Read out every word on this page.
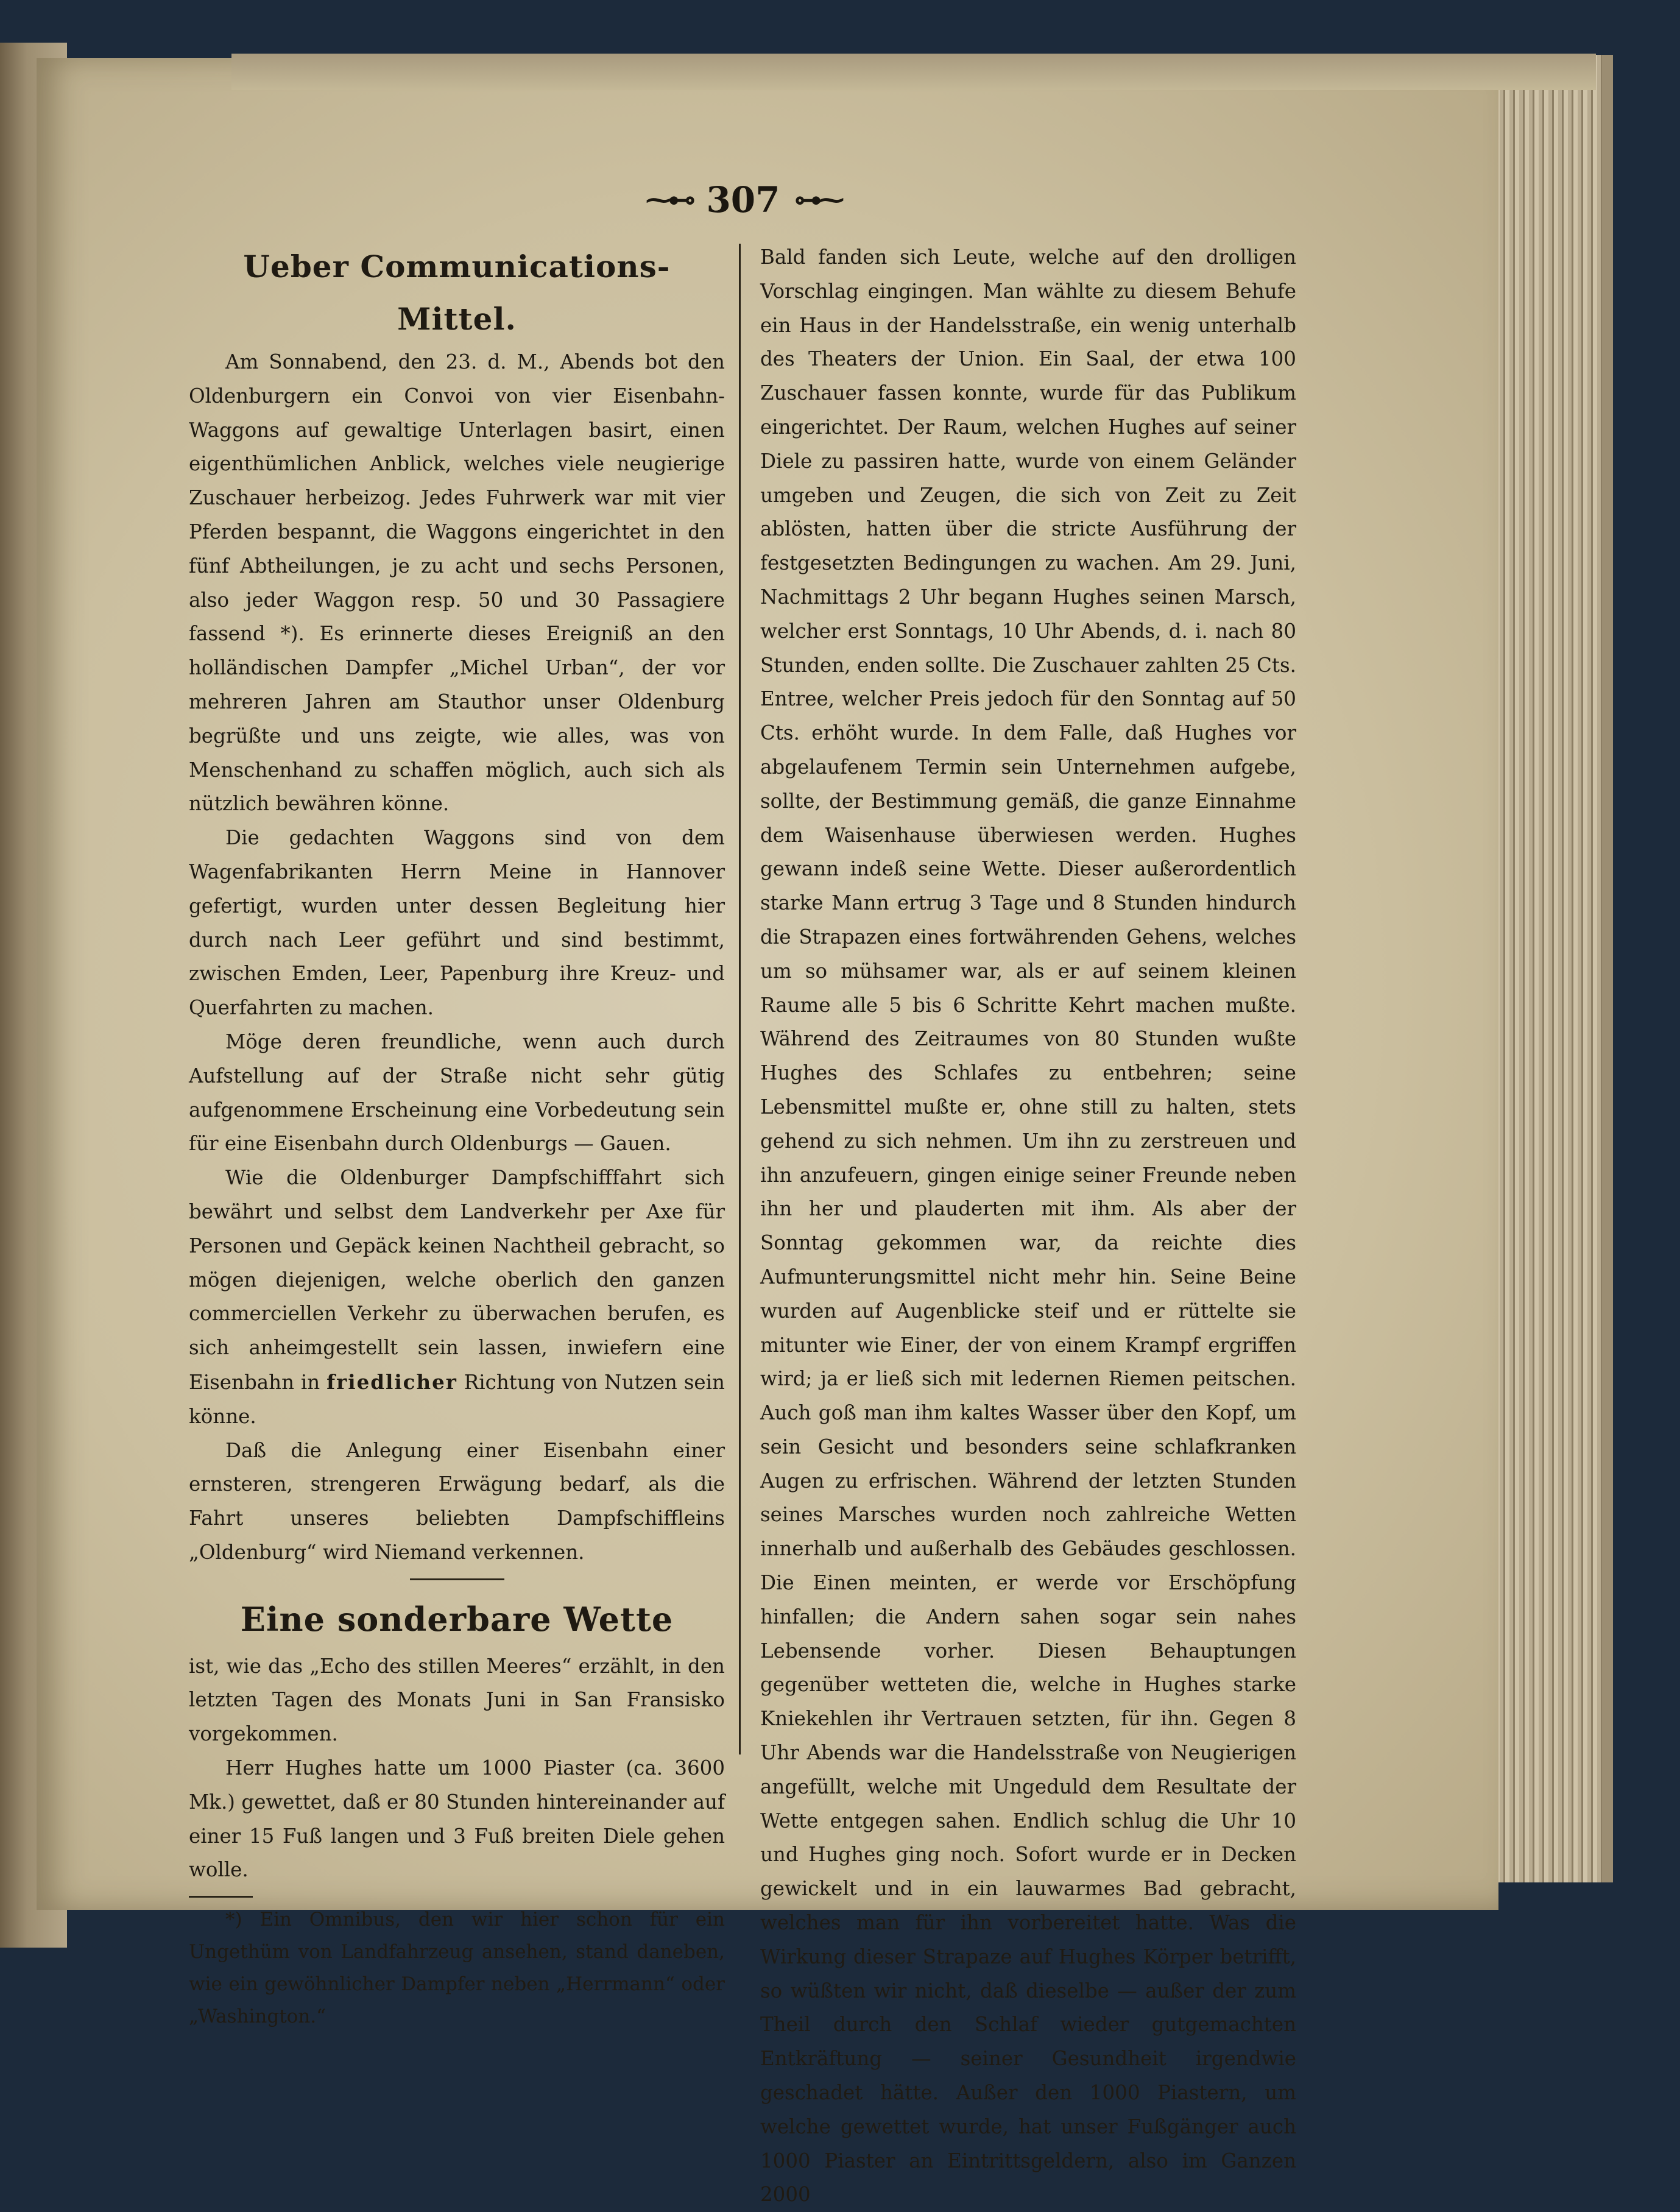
⁓⊷ 307 ⊶⁓
Ueber Communications-Mittel.

Am Sonnabend, den 23. d. M., Abends bot den Oldenburgern ein Convoi von vier Eisenbahn-Waggons auf gewaltige Unterlagen basirt, einen eigenthümlichen Anblick, welches viele neugierige Zuschauer herbeizog. Jedes Fuhrwerk war mit vier Pferden bespannt, die Waggons eingerichtet in den fünf Abtheilungen, je zu acht und sechs Personen, also jeder Waggon resp. 50 und 30 Passagiere fassend *). Es erinnerte dieses Ereigniß an den holländischen Dampfer „Michel Urban“, der vor mehreren Jahren am Stauthor unser Oldenburg begrüßte und uns zeigte, wie alles, was von Menschenhand zu schaffen möglich, auch sich als nützlich bewähren könne.

Die gedachten Waggons sind von dem Wagenfabrikanten Herrn Meine in Hannover gefertigt, wurden unter dessen Begleitung hier durch nach Leer geführt und sind bestimmt, zwischen Emden, Leer, Papenburg ihre Kreuz- und Querfahrten zu machen.

Möge deren freundliche, wenn auch durch Aufstellung auf der Straße nicht sehr gütig aufgenommene Erscheinung eine Vorbedeutung sein für eine Eisenbahn durch Oldenburgs — Gauen.

Wie die Oldenburger Dampfschifffahrt sich bewährt und selbst dem Landverkehr per Axe für Personen und Gepäck keinen Nachtheil gebracht, so mögen diejenigen, welche oberlich den ganzen commerciellen Verkehr zu überwachen berufen, es sich anheimgestellt sein lassen, inwiefern eine Eisenbahn in friedlicher Richtung von Nutzen sein könne.

Daß die Anlegung einer Eisenbahn einer ernsteren, strengeren Erwägung bedarf, als die Fahrt unseres beliebten Dampfschiffleins „Oldenburg“ wird Niemand verkennen.

Eine sonderbare Wette

ist, wie das „Echo des stillen Meeres“ erzählt, in den letzten Tagen des Monats Juni in San Fransisko vorgekommen.

Herr Hughes hatte um 1000 Piaster (ca. 3600 Mk.) gewettet, daß er 80 Stunden hintereinander auf einer 15 Fuß langen und 3 Fuß breiten Diele gehen wolle.

*) Ein Omnibus, den wir hier schon für ein Ungethüm von Landfahrzeug ansehen, stand daneben, wie ein gewöhnlicher Dampfer neben „Herrmann“ oder „Washington.“

Bald fanden sich Leute, welche auf den drolligen Vorschlag eingingen. Man wählte zu diesem Behufe ein Haus in der Handelsstraße, ein wenig unterhalb des Theaters der Union. Ein Saal, der etwa 100 Zuschauer fassen konnte, wurde für das Publikum eingerichtet. Der Raum, welchen Hughes auf seiner Diele zu passiren hatte, wurde von einem Geländer umgeben und Zeugen, die sich von Zeit zu Zeit ablösten, hatten über die stricte Ausführung der festgesetzten Bedingungen zu wachen. Am 29. Juni, Nachmittags 2 Uhr begann Hughes seinen Marsch, welcher erst Sonntags, 10 Uhr Abends, d. i. nach 80 Stunden, enden sollte. Die Zuschauer zahlten 25 Cts. Entree, welcher Preis jedoch für den Sonntag auf 50 Cts. erhöht wurde. In dem Falle, daß Hughes vor abgelaufenem Termin sein Unternehmen aufgebe, sollte, der Bestimmung gemäß, die ganze Einnahme dem Waisenhause überwiesen werden. Hughes gewann indeß seine Wette. Dieser außerordentlich starke Mann ertrug 3 Tage und 8 Stunden hindurch die Strapazen eines fortwährenden Gehens, welches um so mühsamer war, als er auf seinem kleinen Raume alle 5 bis 6 Schritte Kehrt machen mußte. Während des Zeitraumes von 80 Stunden wußte Hughes des Schlafes zu entbehren; seine Lebensmittel mußte er, ohne still zu halten, stets gehend zu sich nehmen. Um ihn zu zerstreuen und ihn anzufeuern, gingen einige seiner Freunde neben ihn her und plauderten mit ihm. Als aber der Sonntag gekommen war, da reichte dies Aufmunterungsmittel nicht mehr hin. Seine Beine wurden auf Augenblicke steif und er rüttelte sie mitunter wie Einer, der von einem Krampf ergriffen wird; ja er ließ sich mit ledernen Riemen peitschen. Auch goß man ihm kaltes Wasser über den Kopf, um sein Gesicht und besonders seine schlafkranken Augen zu erfrischen. Während der letzten Stunden seines Marsches wurden noch zahlreiche Wetten innerhalb und außerhalb des Gebäudes geschlossen. Die Einen meinten, er werde vor Erschöpfung hinfallen; die Andern sahen sogar sein nahes Lebensende vorher. Diesen Behauptungen gegenüber wetteten die, welche in Hughes starke Kniekehlen ihr Vertrauen setzten, für ihn. Gegen 8 Uhr Abends war die Handelsstraße von Neugierigen angefüllt, welche mit Ungeduld dem Resultate der Wette entgegen sahen. Endlich schlug die Uhr 10 und Hughes ging noch. Sofort wurde er in Decken gewickelt und in ein lauwarmes Bad gebracht, welches man für ihn vorbereitet hatte. Was die Wirkung dieser Strapaze auf Hughes Körper betrifft, so wüßten wir nicht, daß dieselbe — außer der zum Theil durch den Schlaf wieder gutgemachten Entkräftung — seiner Gesundheit irgendwie geschadet hätte. Außer den 1000 Piastern, um welche gewettet wurde, hat unser Fußgänger auch 1000 Piaster an Eintrittsgeldern, also im Ganzen 2000
